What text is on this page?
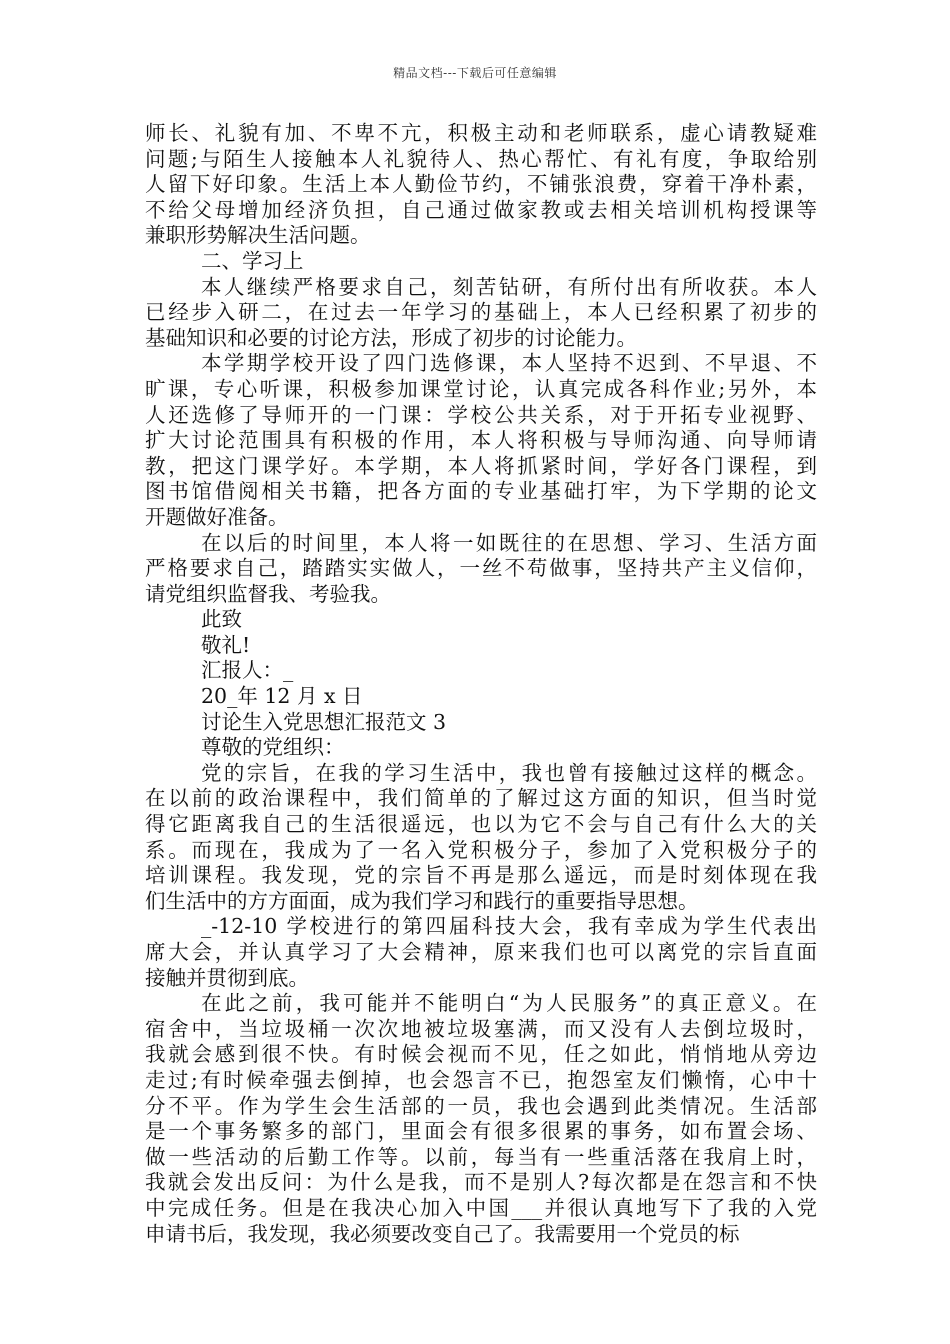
精品文档---下载后可任意编辑
师长、礼貌有加、不卑不亢，积极主动和老师联系，虚心请教疑难
问题;与陌生人接触本人礼貌待人、热心帮忙、有礼有度，争取给别
人留下好印象。生活上本人勤俭节约，不铺张浪费，穿着干净朴素，
不给父母增加经济负担，自己通过做家教或去相关培训机构授课等
兼职形势解决生活问题。
二、学习上
本人继续严格要求自己，刻苦钻研，有所付出有所收获。本人
已经步入研二，在过去一年学习的基础上，本人已经积累了初步的
基础知识和必要的讨论方法，形成了初步的讨论能力。
本学期学校开设了四门选修课，本人坚持不迟到、不早退、不
旷课，专心听课，积极参加课堂讨论，认真完成各科作业;另外，本
人还选修了导师开的一门课：学校公共关系，对于开拓专业视野、
扩大讨论范围具有积极的作用，本人将积极与导师沟通、向导师请
教，把这门课学好。本学期，本人将抓紧时间，学好各门课程，到
图书馆借阅相关书籍，把各方面的专业基础打牢，为下学期的论文
开题做好准备。
在以后的时间里，本人将一如既往的在思想、学习、生活方面
严格要求自己，踏踏实实做人，一丝不苟做事，坚持共产主义信仰，
请党组织监督我、考验我。
此致
敬礼!
汇报人：_
20_年 12 月 x 日
讨论生入党思想汇报范文 3
尊敬的党组织：
党的宗旨，在我的学习生活中，我也曾有接触过这样的概念。
在以前的政治课程中，我们简单的了解过这方面的知识，但当时觉
得它距离我自己的生活很遥远，也以为它不会与自己有什么大的关
系。而现在，我成为了一名入党积极分子，参加了入党积极分子的
培训课程。我发现，党的宗旨不再是那么遥远，而是时刻体现在我
们生活中的方方面面，成为我们学习和践行的重要指导思想。
_-12-10 学校进行的第四届科技大会，我有幸成为学生代表出
席大会，并认真学习了大会精神，原来我们也可以离党的宗旨直面
接触并贯彻到底。
在此之前，我可能并不能明白“为人民服务”的真正意义。在
宿舍中，当垃圾桶一次次地被垃圾塞满，而又没有人去倒垃圾时，
我就会感到很不快。有时候会视而不见，任之如此，悄悄地从旁边
走过;有时候牵强去倒掉，也会怨言不已，抱怨室友们懒惰，心中十
分不平。作为学生会生活部的一员，我也会遇到此类情况。生活部
是一个事务繁多的部门，里面会有很多很累的事务，如布置会场、
做一些活动的后勤工作等。以前，每当有一些重活落在我肩上时，
我就会发出反问：为什么是我，而不是别人?每次都是在怨言和不快
中完成任务。但是在我决心加入中国___并很认真地写下了我的入党
申请书后，我发现，我必须要改变自己了。我需要用一个党员的标
